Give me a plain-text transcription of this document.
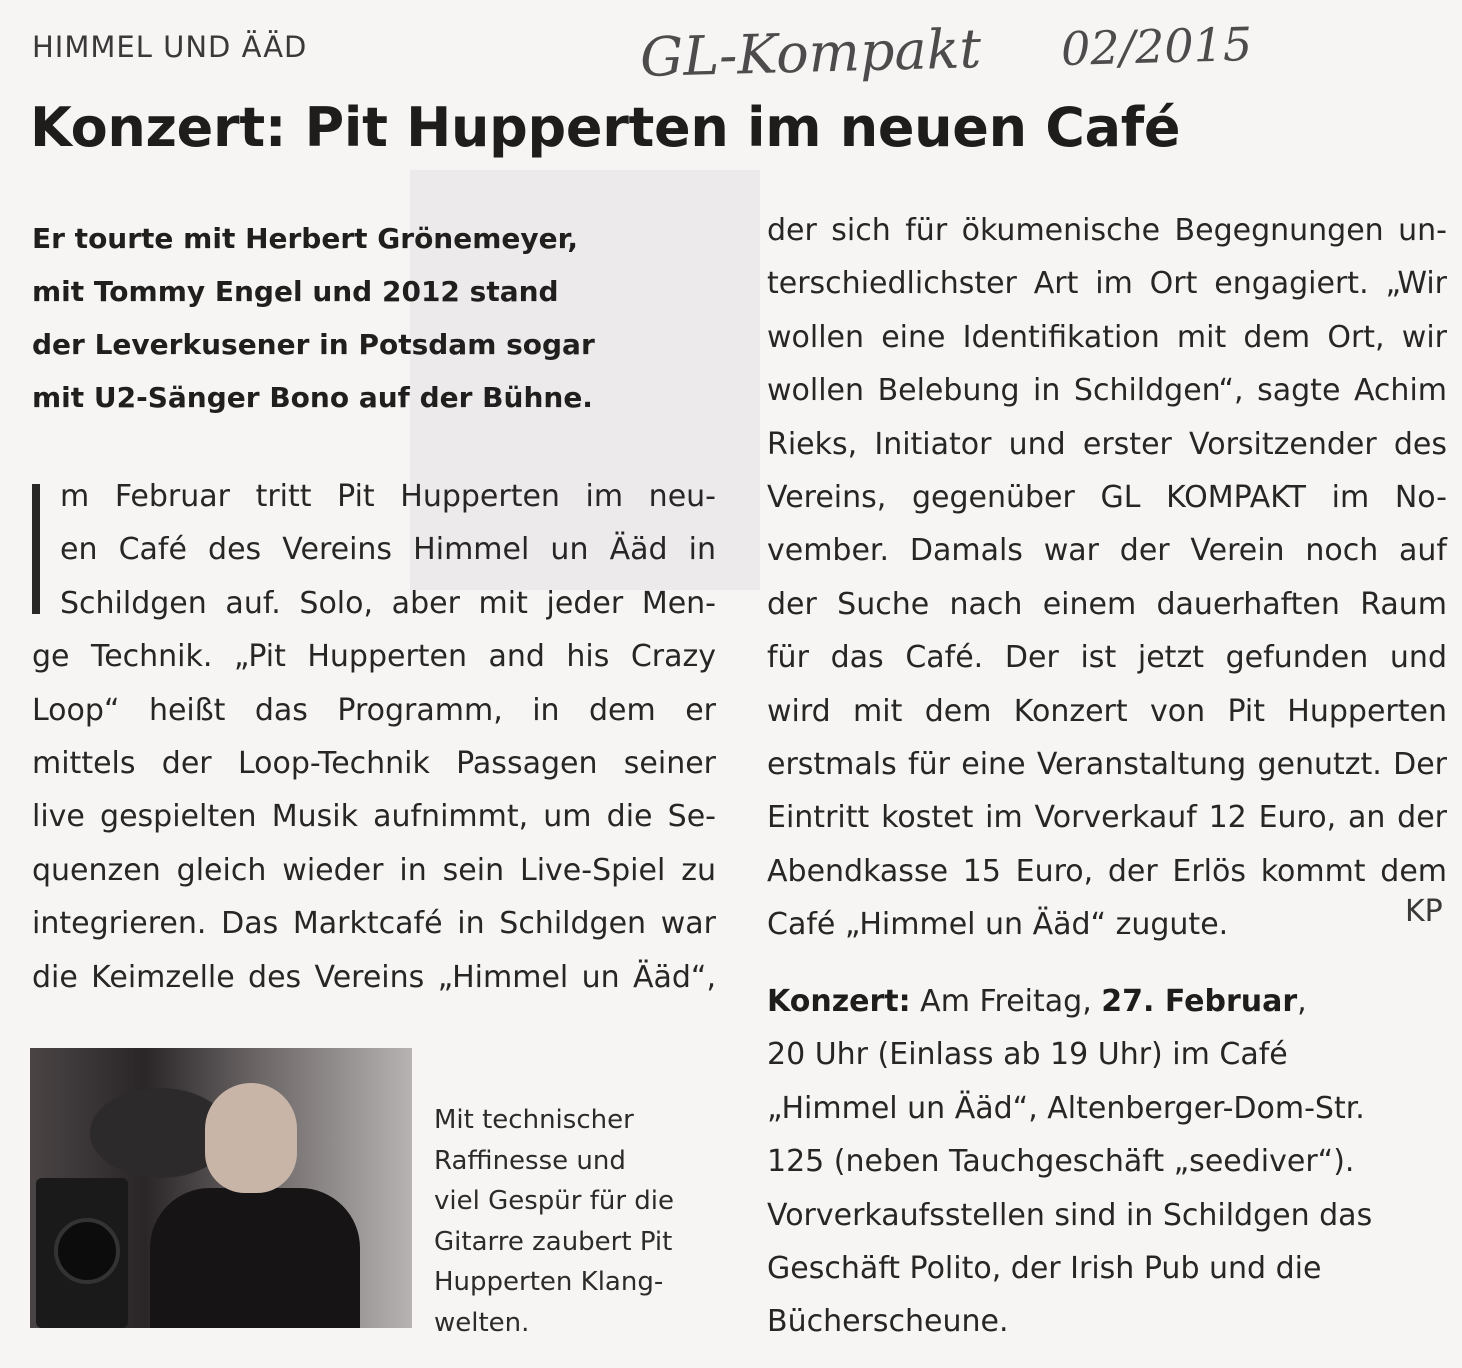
HIMMEL UND ÄÄD	GL-Kompakt 02/2015
Konzert: Pit Hupperten im neuen Café
Er tourte mit Herbert Grönemeyer,
mit Tommy Engel und 2012 stand
der Leverkusener in Potsdam sogar
mit U2-Sänger Bono auf der Bühne.
m Februar tritt Pit Hupperten im neu-
en Café des Vereins Himmel un Ääd in
Schildgen auf. Solo, aber mit jeder Men-
ge Technik. „Pit Hupperten and his Crazy
Loop“ heißt das Programm, in dem er
mittels der Loop-Technik Passagen seiner
live gespielten Musik aufnimmt, um die Se-
quenzen gleich wieder in sein Live-Spiel zu
integrieren. Das Marktcafé in Schildgen war
die Keimzelle des Vereins „Himmel un Ääd“,
der sich für ökumenische Begegnungen un-
terschiedlichster Art im Ort engagiert. „Wir
wollen eine Identifikation mit dem Ort, wir
wollen Belebung in Schildgen“, sagte Achim
Rieks, Initiator und erster Vorsitzender des
Vereins, gegenüber GL KOMPAKT im No-
vember. Damals war der Verein noch auf
der Suche nach einem dauerhaften Raum
für das Café. Der ist jetzt gefunden und
wird mit dem Konzert von Pit Hupperten
erstmals für eine Veranstaltung genutzt. Der
Eintritt kostet im Vorverkauf 12 Euro, an der
Abendkasse 15 Euro, der Erlös kommt dem
Café „Himmel un Ääd“ zugute.	KP
Konzert: Am Freitag, 27. Februar,
20 Uhr (Einlass ab 19 Uhr) im Café
„Himmel un Ääd“, Altenberger-Dom-Str.
125 (neben Tauchgeschäft „seediver“).
Vorverkaufsstellen sind in Schildgen das
Geschäft Polito, der Irish Pub und die
Bücherscheune.
Mit technischer
Raffinesse und
viel Gespür für die
Gitarre zaubert Pit
Hupperten Klang-
welten.
